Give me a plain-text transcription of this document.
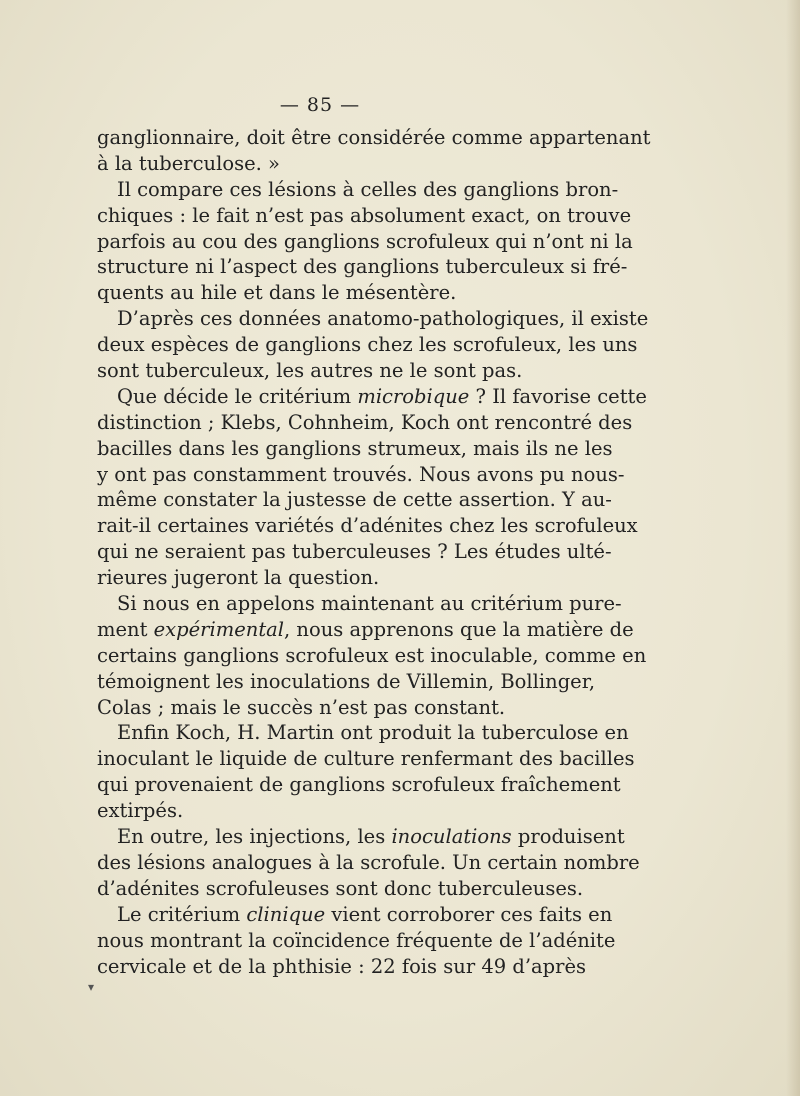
— 85 —
ganglionnaire, doit être considérée comme appartenant
à la tuberculose. »
Il compare ces lésions à celles des ganglions bron-
chiques : le fait n’est pas absolument exact, on trouve
parfois au cou des ganglions scrofuleux qui n’ont ni la
structure ni l’aspect des ganglions tuberculeux si fré-
quents au hile et dans le mésentère.
D’après ces données anatomo-pathologiques, il existe
deux espèces de ganglions chez les scrofuleux, les uns
sont tuberculeux, les autres ne le sont pas.
Que décide le critérium microbique ? Il favorise cette
distinction ; Klebs, Cohnheim, Koch ont rencontré des
bacilles dans les ganglions strumeux, mais ils ne les
y ont pas constamment trouvés. Nous avons pu nous-
même constater la justesse de cette assertion. Y au-
rait-il certaines variétés d’adénites chez les scrofuleux
qui ne seraient pas tuberculeuses ? Les études ulté-
rieures jugeront la question.
Si nous en appelons maintenant au critérium pure-
ment expérimental, nous apprenons que la matière de
certains ganglions scrofuleux est inoculable, comme en
témoignent les inoculations de Villemin, Bollinger,
Colas ; mais le succès n’est pas constant.
Enfin Koch, H. Martin ont produit la tuberculose en
inoculant le liquide de culture renfermant des bacilles
qui provenaient de ganglions scrofuleux fraîchement
extirpés.
En outre, les injections, les inoculations produisent
des lésions analogues à la scrofule. Un certain nombre
d’adénites scrofuleuses sont donc tuberculeuses.
Le critérium clinique vient corroborer ces faits en
nous montrant la coïncidence fréquente de l’adénite
cervicale et de la phthisie : 22 fois sur 49 d’après
▾
